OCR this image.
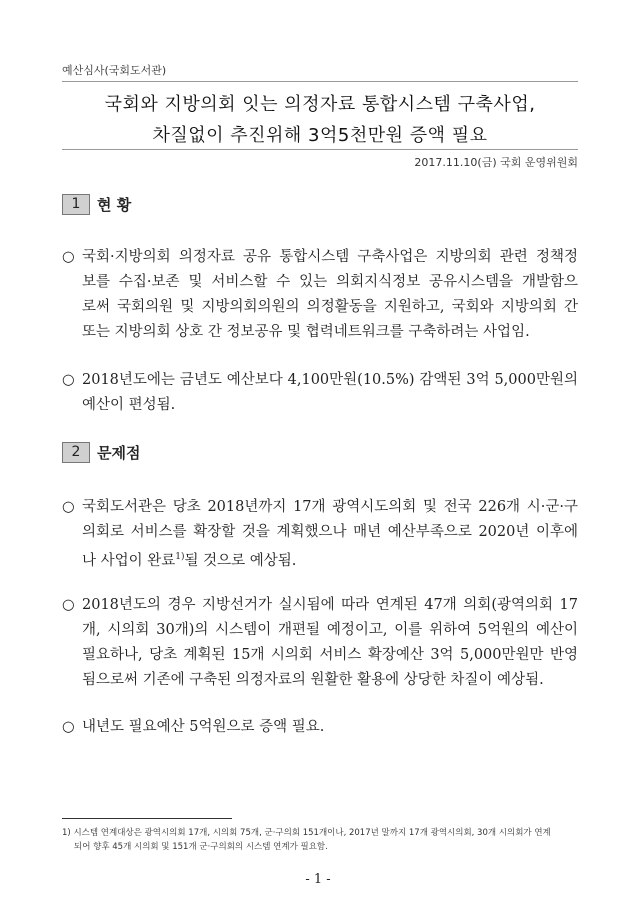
예산심사(국회도서관)
국회와 지방의회 잇는 의정자료 통합시스템 구축사업,
차질없이 추진위해 3억5천만원 증액 필요
2017.11.10(금) 국회 운영위원회
1	현 황
○ 국회·지방의회 의정자료 공유 통합시스템 구축사업은 지방의회 관련 정책정
보를 수집·보존 및 서비스할 수 있는 의회지식정보 공유시스템을 개발함으
로써 국회의원 및 지방의회의원의 의정활동을 지원하고, 국회와 지방의회 간
또는 지방의회 상호 간 정보공유 및 협력네트워크를 구축하려는 사업임.
○ 2018년도에는 금년도 예산보다 4,100만원(10.5%) 감액된 3억 5,000만원의
예산이 편성됨.
2	문제점
○ 국회도서관은 당초 2018년까지 17개 광역시도의회 및 전국 226개 시·군·구
의회로 서비스를 확장할 것을 계획했으나 매년 예산부족으로 2020년 이후에
나 사업이 완료$^{1)}$될 것으로 예상됨.
○ 2018년도의 경우 지방선거가 실시됨에 따라 연계된 47개 의회(광역의회 17
개, 시의회 30개)의 시스템이 개편될 예정이고, 이를 위하여 5억원의 예산이
필요하나, 당초 계획된 15개 시의회 서비스 확장예산 3억 5,000만원만 반영
됨으로써 기존에 구축된 의정자료의 원활한 활용에 상당한 차질이 예상됨.
○ 내년도 필요예산 5억원으로 증액 필요.
1) 시스템 연계대상은 광역시의회 17개, 시의회 75개, 군·구의회 151개이나, 2017년 말까지 17개 광역시의회, 30개 시의회가 연계
되어 향후 45개 시의회 및 151개 군·구의회의 시스템 연계가 필요함.
- 1 -
